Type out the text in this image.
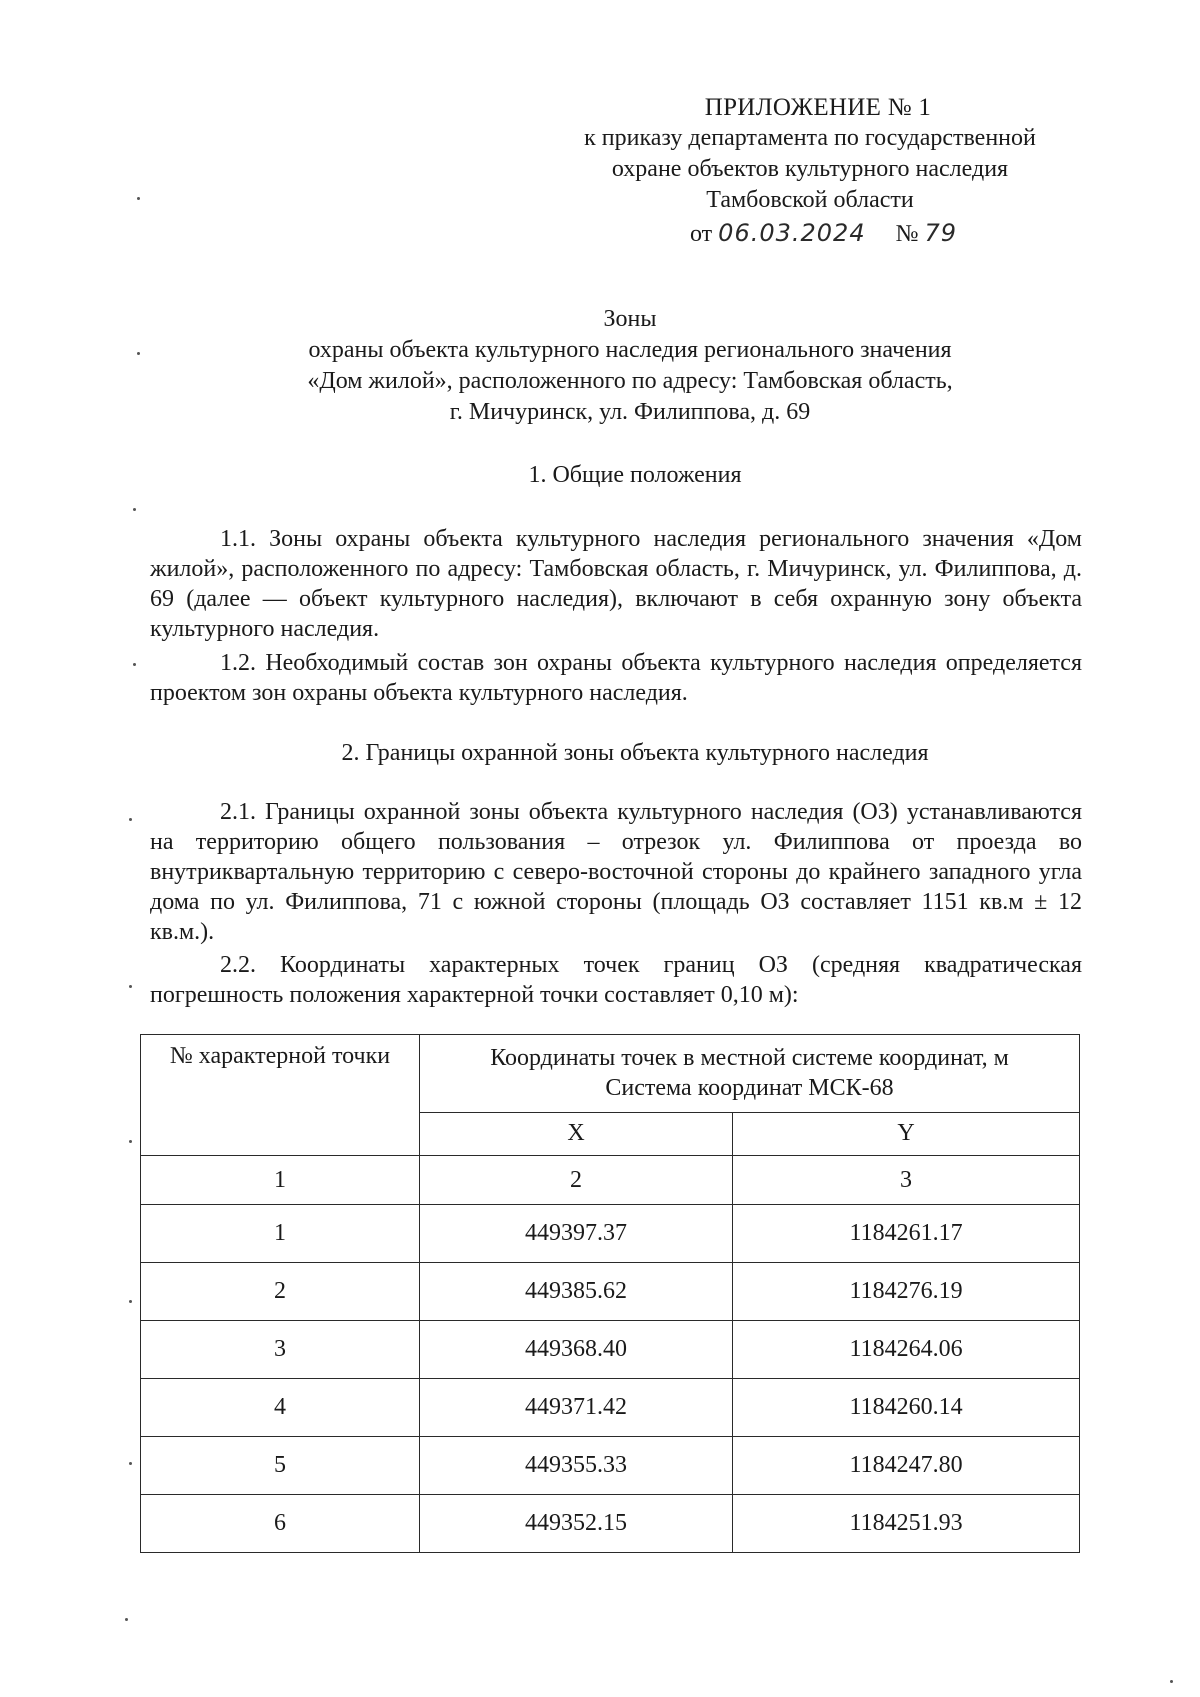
ПРИЛОЖЕНИЕ № 1
к приказу департамента по государственной
охране объектов культурного наследия
Тамбовской области
от 06.03.2024 № 79
Зоны
охраны объекта культурного наследия регионального значения
«Дом жилой», расположенного по адресу: Тамбовская область,
г. Мичуринск, ул. Филиппова, д. 69
1. Общие положения
1.1. Зоны охраны объекта культурного наследия регионального значения «Дом жилой», расположенного по адресу: Тамбовская область, г. Мичуринск, ул. Филиппова, д. 69 (далее — объект культурного наследия), включают в себя охранную зону объекта культурного наследия.
1.2. Необходимый состав зон охраны объекта культурного наследия определяется проектом зон охраны объекта культурного наследия.
2. Границы охранной зоны объекта культурного наследия
2.1. Границы охранной зоны объекта культурного наследия (ОЗ) устанавливаются на территорию общего пользования – отрезок ул. Филиппова от проезда во внутриквартальную территорию с северо-восточной стороны до крайнего западного угла дома по ул. Филиппова, 71 с южной стороны (площадь ОЗ составляет 1151 кв.м ± 12 кв.м.).
2.2. Координаты характерных точек границ ОЗ (средняя квадратическая погрешность положения характерной точки составляет 0,10 м):
№ характерной точки	Координаты точек в местной системе координат, м
Система координат МСК-68	

	X	Y
1	2	3
1	449397.37	1184261.17
2	449385.62	1184276.19
3	449368.40	1184264.06
4	449371.42	1184260.14
5	449355.33	1184247.80
6	449352.15	1184251.93
